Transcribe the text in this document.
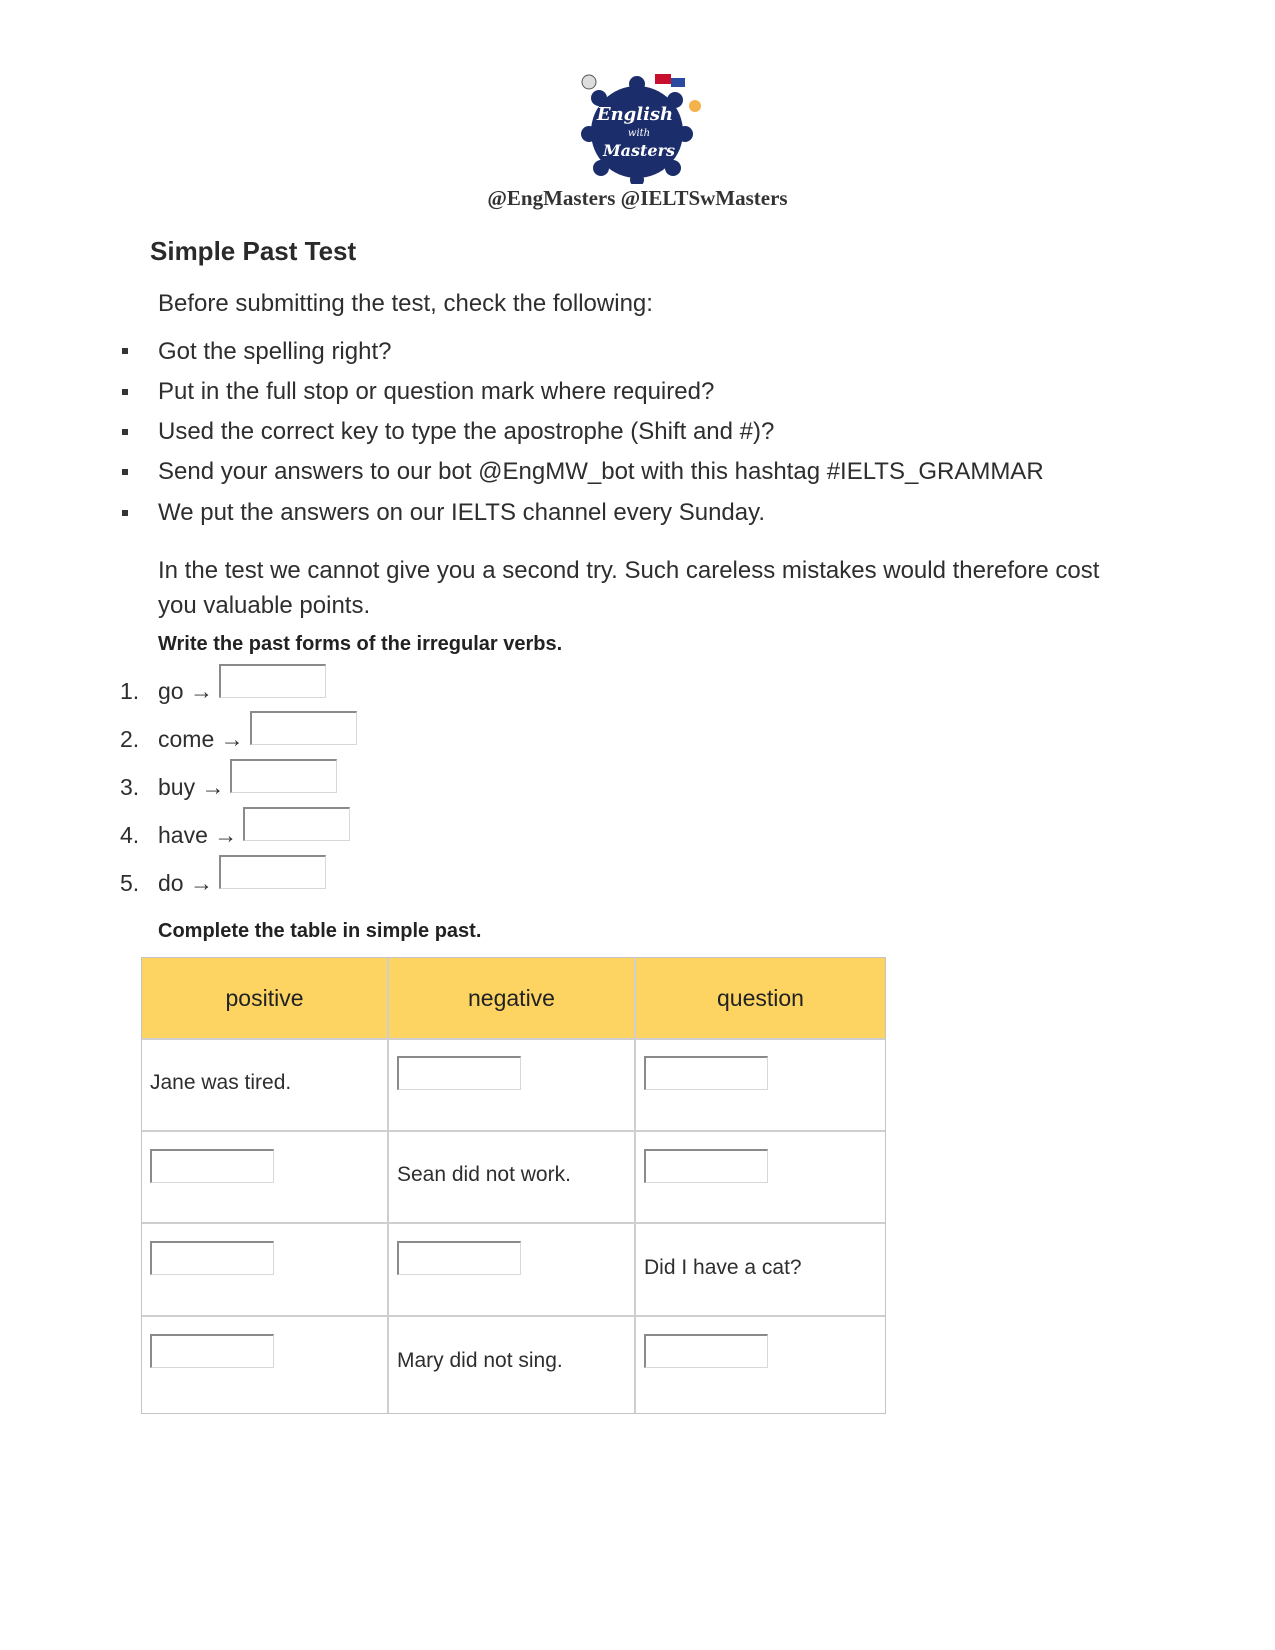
English
with
Masters
@EngMasters @IELTSwMasters
Simple Past Test
Before submitting the test, check the following:
Got the spelling right?
Put in the full stop or question mark where required?
Used the correct key to type the apostrophe (Shift and #)?
Send your answers to our bot @EngMW_bot with this hashtag #IELTS_GRAMMAR
We put the answers on our IELTS channel every Sunday.
In the test we cannot give you a second try. Such careless mistakes would therefore cost you valuable points.
Write the past forms of the irregular verbs.
1. go →
2. come →
3. buy →
4. have →
5. do →
Complete the table in simple past.
positive	negative	question
Jane was tired.
Sean did not work.
Did I have a cat?
Mary did not sing.
